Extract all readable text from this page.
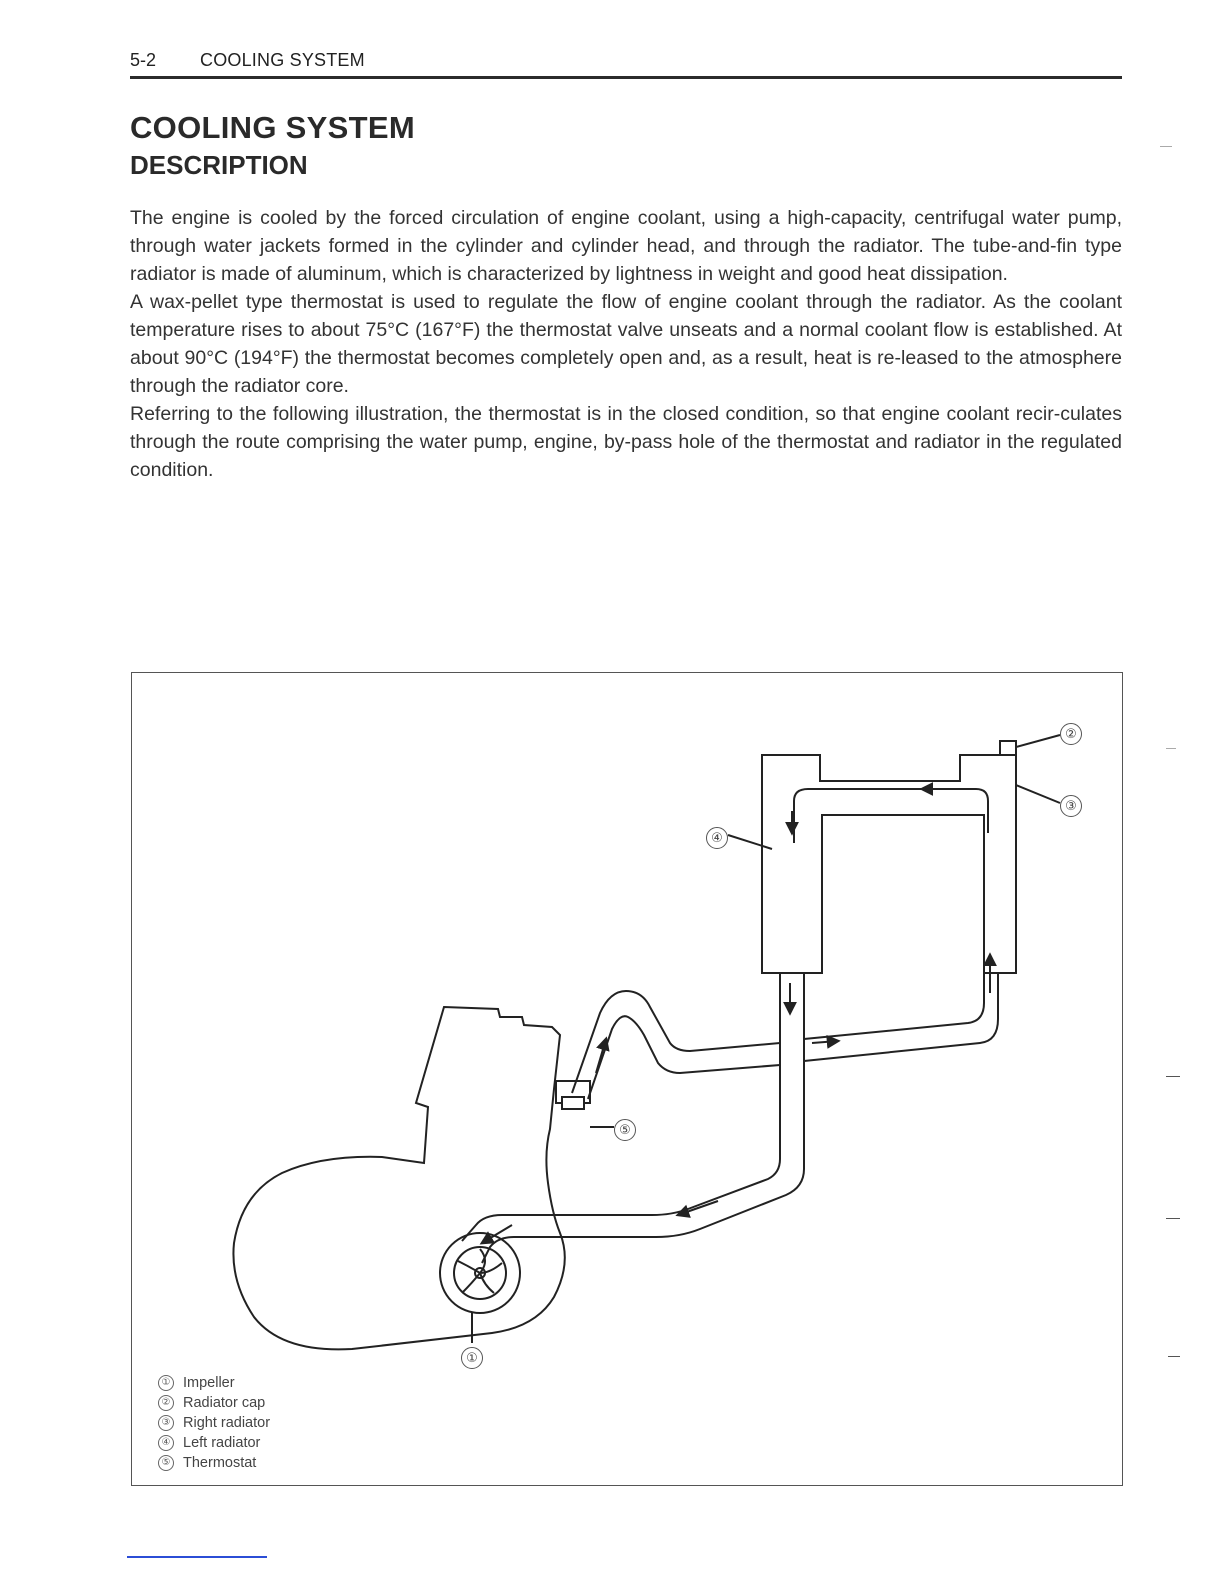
5-2 COOLING SYSTEM
COOLING SYSTEM
DESCRIPTION

The engine is cooled by the forced circulation of engine coolant, using a high-capacity, centrifugal water pump, through water jackets formed in the cylinder and cylinder head, and through the radiator. The tube-and-fin type radiator is made of aluminum, which is characterized by lightness in weight and good heat dissipation.

A wax-pellet type thermostat is used to regulate the flow of engine coolant through the radiator. As the coolant temperature rises to about 75°C (167°F) the thermostat valve unseats and a normal coolant flow is established. At about 90°C (194°F) the thermostat becomes completely open and, as a result, heat is re-leased to the atmosphere through the radiator core.

Referring to the following illustration, the thermostat is in the closed condition, so that engine coolant recir-culates through the route comprising the water pump, engine, by-pass hole of the thermostat and radiator in the regulated condition.

②
③
④
⑤
①
① Impeller
② Radiator cap
③ Right radiator
④ Left radiator
⑤ Thermostat
